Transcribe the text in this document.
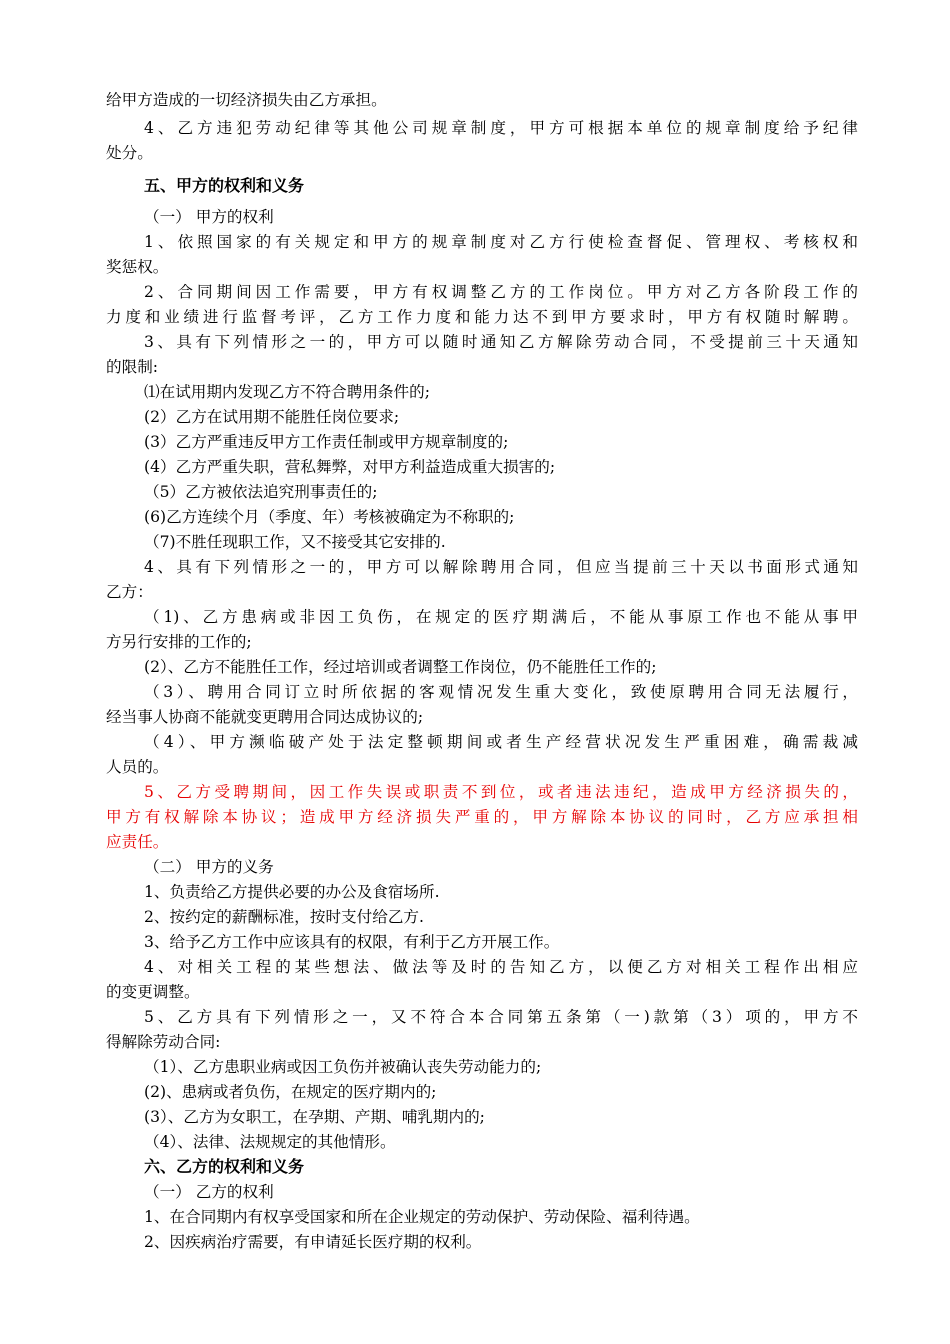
给甲方造成的一切经济损失由乙方承担。
4、乙方违犯劳动纪律等其他公司规章制度，甲方可根据本单位的规章制度给予纪律
处分。
五、甲方的权利和义务
（一） 甲方的权利
1、依照国家的有关规定和甲方的规章制度对乙方行使检查督促、管理权、考核权和
奖惩权。
2、合同期间因工作需要，甲方有权调整乙方的工作岗位。甲方对乙方各阶段工作的
力度和业绩进行监督考评，乙方工作力度和能力达不到甲方要求时，甲方有权随时解聘。
3、具有下列情形之一的，甲方可以随时通知乙方解除劳动合同，不受提前三十天通知
的限制:
⑴在试用期内发现乙方不符合聘用条件的;
(2）乙方在试用期不能胜任岗位要求;
(3）乙方严重违反甲方工作责任制或甲方规章制度的;
(4）乙方严重失职，营私舞弊，对甲方利益造成重大损害的;
（5）乙方被依法追究刑事责任的;
(6)乙方连续个月（季度、年）考核被确定为不称职的;
（7)不胜任现职工作，又不接受其它安排的.
4、具有下列情形之一的，甲方可以解除聘用合同，但应当提前三十天以书面形式通知
乙方：
（1)、乙方患病或非因工负伤，在规定的医疗期满后，不能从事原工作也不能从事甲
方另行安排的工作的;
(2）、乙方不能胜任工作，经过培训或者调整工作岗位，仍不能胜任工作的;
（3）、聘用合同订立时所依据的客观情况发生重大变化，致使原聘用合同无法履行，
经当事人协商不能就变更聘用合同达成协议的;
（4）、甲方濒临破产处于法定整顿期间或者生产经营状况发生严重困难，确需裁减
人员的。
5、乙方受聘期间，因工作失误或职责不到位，或者违法违纪，造成甲方经济损失的，
甲方有权解除本协议；造成甲方经济损失严重的，甲方解除本协议的同时，乙方应承担相
应责任。
（二） 甲方的义务
1、负责给乙方提供必要的办公及食宿场所.
2、按约定的薪酬标准，按时支付给乙方.
3、给予乙方工作中应该具有的权限，有利于乙方开展工作。
4、对相关工程的某些想法、做法等及时的告知乙方，以便乙方对相关工程作出相应
的变更调整。
5、乙方具有下列情形之一，又不符合本合同第五条第（一)款第（3）项的，甲方不
得解除劳动合同:
（1）、乙方患职业病或因工负伤并被确认丧失劳动能力的;
(2)、患病或者负伤，在规定的医疗期内的;
(3）、乙方为女职工，在孕期、产期、哺乳期内的;
（4）、法律、法规规定的其他情形。
六、乙方的权利和义务
（一） 乙方的权利
1、在合同期内有权享受国家和所在企业规定的劳动保护、劳动保险、福利待遇。
2、因疾病治疗需要，有申请延长医疗期的权利。
